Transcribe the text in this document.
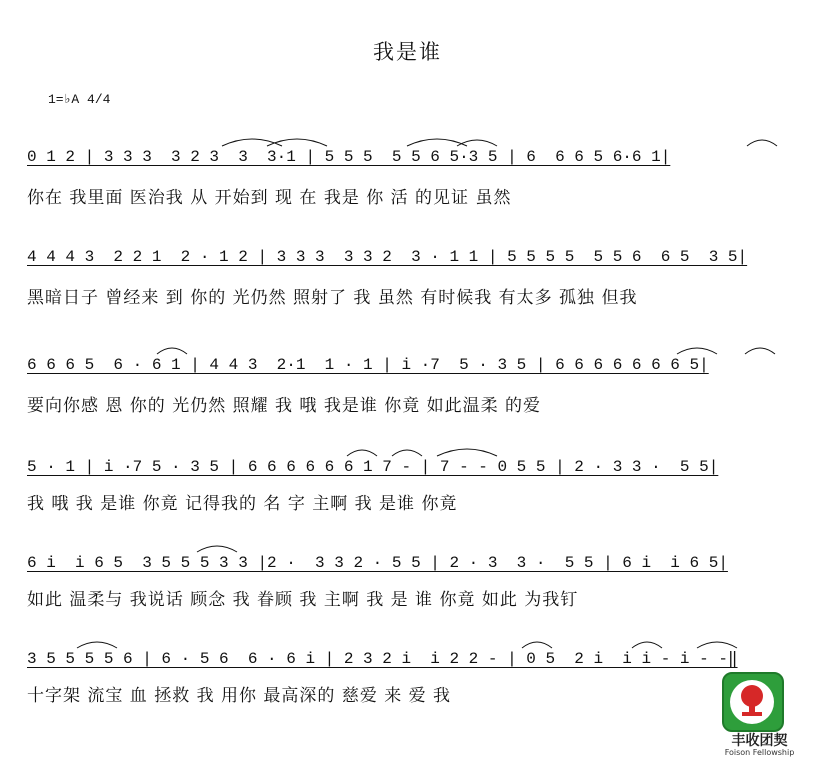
我是谁
1=♭A 4/4
0 1 2 | 3 3 3  3 2 3  3  3·1 | 5 5 5  5 5 6 5·3 5 | 6  6 6 5 6·6 1|
你在 我里面 医治我 从 开始到 现 在 我是 你 活 的见证 虽然
4 4 4 3  2 2 1  2 · 1 2 | 3 3 3  3 3 2  3 · 1 1 | 5 5 5 5  5 5 6  6 5  3 5|
黑暗日子 曾经来 到 你的 光仍然 照射了 我 虽然 有时候我 有太多 孤独 但我
6 6 6 5  6 · 6 1 | 4 4 3  2·1  1 · 1 | i ·7  5 · 3 5 | 6 6 6 6 6 6 6 5|
要向你感 恩 你的 光仍然 照耀 我 哦 我是谁 你竟 如此温柔 的爱
5 · 1 | i ·7 5 · 3 5 | 6 6 6 6 6 6 1 7 - | 7 - - 0 5 5 | 2 · 3 3 ·  5 5|
我 哦 我 是谁 你竟 记得我的 名 字 主啊 我 是谁 你竟
6 i  i 6 5  3 5 5 5 3 3 |2 ·  3 3 2 · 5 5 | 2 · 3  3 ·  5 5 | 6 i  i 6 5|
如此 温柔与 我说话 顾念 我 眷顾 我 主啊 我 是 谁 你竟 如此 为我钉
3 5 5 5 5 6 | 6 · 5 6  6 · 6 i | 2 3 2 i  i 2 2 - | 0 5  2 i  i i - i - -‖
十字架 流宝 血 拯救 我 用你 最高深的 慈爱 来 爱 我
丰收团契
Foison Fellowship
